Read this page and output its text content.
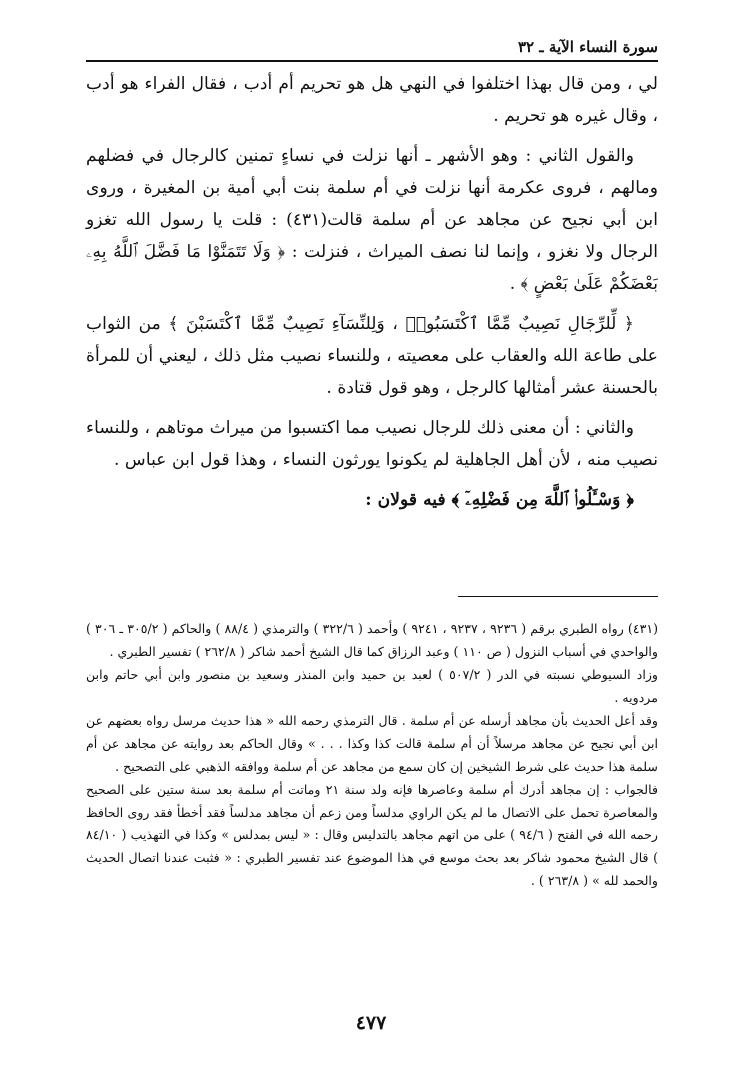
سورة النساء الآية ـ ٣٢

لي ، ومن قال بهذا اختلفوا في النهي هل هو تحريم أم أدب ، فقال الفراء هو أدب ، وقال غيره هو تحريم .

والقول الثاني : وهو الأشهر ـ أنها نزلت في نساءٍ تمنين كالرجال في فضلهم ومالهم ، فروى عكرمة أنها نزلت في أم سلمة بنت أبي أمية بن المغيرة ، وروى ابن أبي نجيح عن مجاهد عن أم سلمة قالت(٤٣١) : قلت يا رسول الله تغزو الرجال ولا نغزو ، وإنما لنا نصف الميراث ، فنزلت : ﴿ وَلَا تَتَمَنَّوْا مَا فَضَّلَ ٱللَّهُ بِهِۦ بَعْضَكُمْ عَلَىٰ بَعْضٍ ﴾ .

﴿ لِّلرِّجَالِ نَصِيبٌ مِّمَّا ٱكْتَسَبُوا۟ ، وَلِلنِّسَآءِ نَصِيبٌ مِّمَّا ٱكْتَسَبْنَ ﴾ من الثواب على طاعة الله والعقاب على معصيته ، وللنساء نصيب مثل ذلك ، ليعني أن للمرأة بالحسنة عشر أمثالها كالرجل ، وهو قول قتادة .

والثاني : أن معنى ذلك للرجال نصيب مما اكتسبوا من ميراث موتاهم ، وللنساء نصيب منه ، لأن أهل الجاهلية لم يكونوا يورثون النساء ، وهذا قول ابن عباس .

﴿ وَسْـَٔلُوا۟ ٱللَّهَ مِن فَضْلِهِۦٓ ﴾ فيه قولان :

(٤٣١) رواه الطبري برقم ( ٩٢٣٦ ، ٩٢٣٧ ، ٩٢٤١ ) وأحمد ( ٣٢٢/٦ ) والترمذي ( ٨٨/٤ ) والحاكم ( ٣٠٥/٢ ـ ٣٠٦ ) والواحدي في أسباب النزول ( ص ١١٠ ) وعبد الرزاق كما قال الشيخ أحمد شاكر ( ٢٦٢/٨ ) تفسير الطبري .

وزاد السيوطي نسبته في الدر ( ٥٠٧/٢ ) لعبد بن حميد وابن المنذر وسعيد بن منصور وابن أبي حاتم وابن مردويه .

وقد أعل الحديث بأن مجاهد أرسله عن أم سلمة . قال الترمذي رحمه الله « هذا حديث مرسل رواه بعضهم عن ابن أبي نجيح عن مجاهد مرسلاً أن أم سلمة قالت كذا وكذا . . . » وقال الحاكم بعد روايته عن مجاهد عن أم سلمة هذا حديث على شرط الشيخين إن كان سمع من مجاهد عن أم سلمة ووافقه الذهبي على التصحيح .

فالجواب : إن مجاهد أدرك أم سلمة وعاصرها فإنه ولد سنة ٢١ وماتت أم سلمة بعد سنة ستين على الصحيح والمعاصرة تحمل على الاتصال ما لم يكن الراوي مدلساً ومن زعم أن مجاهد مدلساً فقد أخطأ فقد روى الحافظ رحمه الله في الفتح ( ٩٤/٦ ) على من اتهم مجاهد بالتدليس وقال : « ليس بمدلس » وكذا في التهذيب ( ٨٤/١٠ ) قال الشيخ محمود شاكر بعد بحث موسع في هذا الموضوع عند تفسير الطبري : « فثبت عندنا اتصال الحديث والحمد لله » ( ٢٦٣/٨ ) .

٤٧٧
